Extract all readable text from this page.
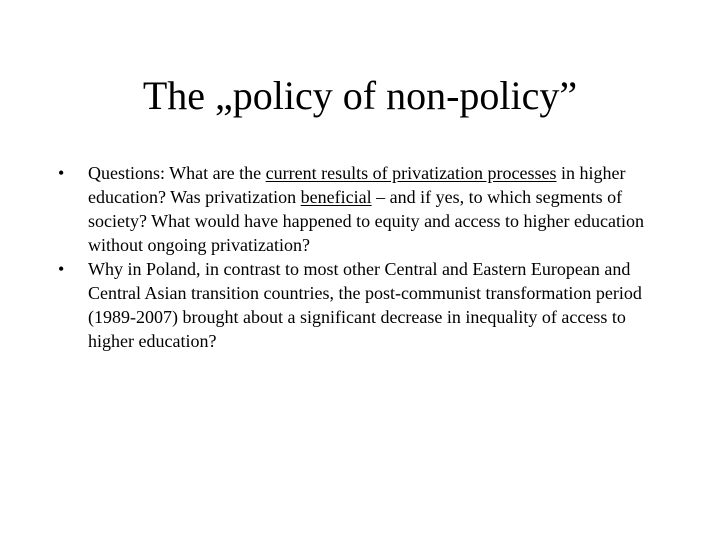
The „policy of non-policy”
• Questions: What are the current results of privatization processes in higher education? Was privatization beneficial – and if yes, to which segments of society? What would have happened to equity and access to higher education without ongoing privatization?
• Why in Poland, in contrast to most other Central and Eastern European and Central Asian transition countries, the post-communist transformation period (1989-2007) brought about a significant decrease in inequality of access to higher education?
